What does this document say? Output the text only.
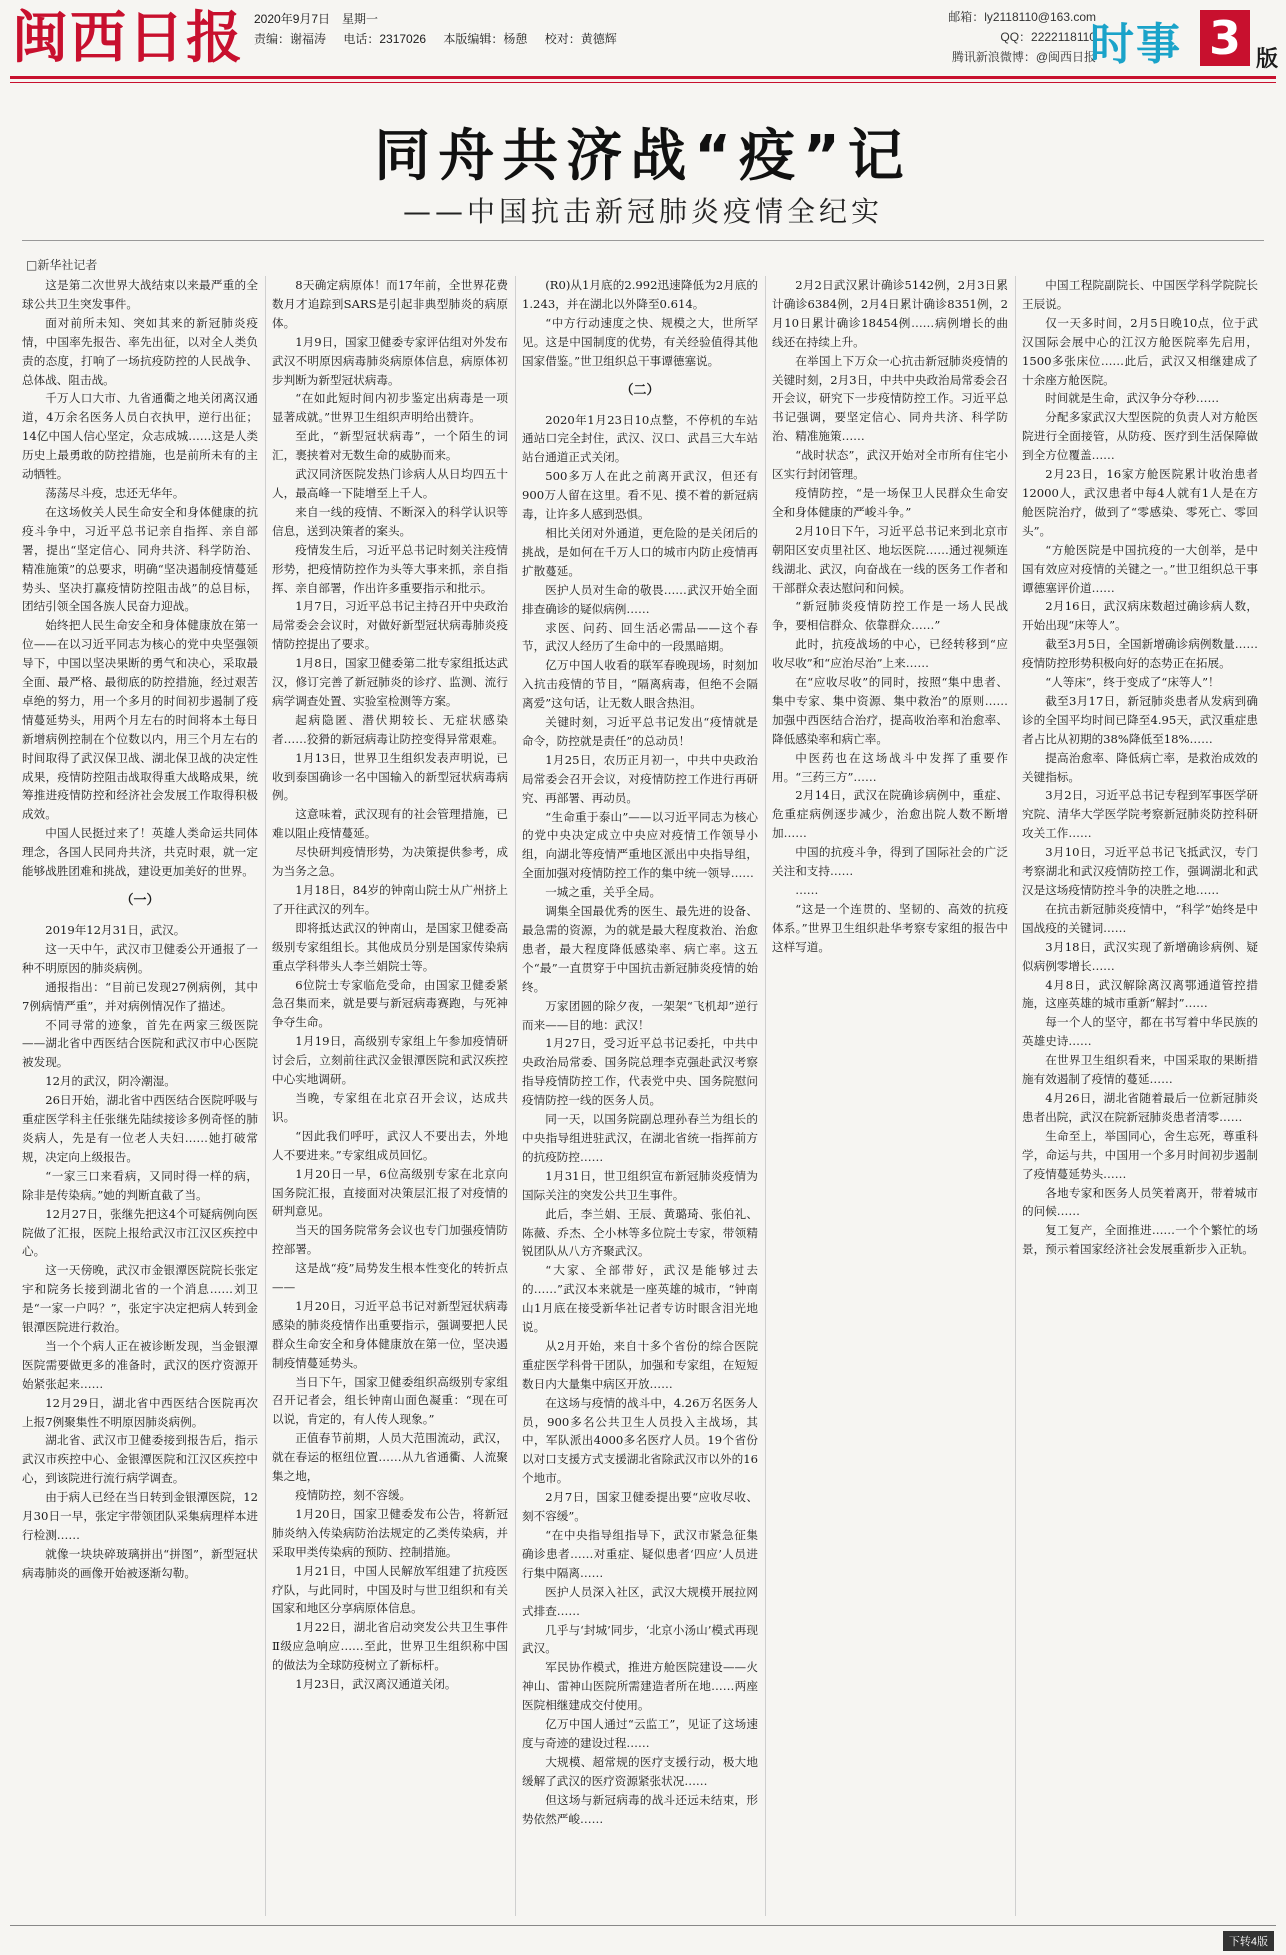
闽西日报 2020年9月7日　星期一
责编：谢福涛 电话：2317026 本版编辑：杨憩 校对：黄德辉
邮箱：ly2118110@163.com
QQ：2222118110
腾讯新浪微博：@闽西日报
时事 3 版
同舟共济战“疫”记
——中国抗击新冠肺炎疫情全纪实
□新华社记者

这是第二次世界大战结束以来最严重的全球公共卫生突发事件。

面对前所未知、突如其来的新冠肺炎疫情，中国率先报告、率先出征，以对全人类负责的态度，打响了一场抗疫防控的人民战争、总体战、阻击战。

千万人口大市、九省通衢之地关闭离汉通道，4万余名医务人员白衣执甲，逆行出征；14亿中国人信心坚定，众志成城……这是人类历史上最勇敢的防控措施，也是前所未有的主动牺牲。

荡荡尽斗疫，忠还无华年。

在这场攸关人民生命安全和身体健康的抗疫斗争中，习近平总书记亲自指挥、亲自部署，提出“坚定信心、同舟共济、科学防治、精准施策”的总要求，明确“坚决遏制疫情蔓延势头、坚决打赢疫情防控阻击战”的总目标，团结引领全国各族人民奋力迎战。

始终把人民生命安全和身体健康放在第一位——在以习近平同志为核心的党中央坚强领导下，中国以坚决果断的勇气和决心，采取最全面、最严格、最彻底的防控措施，经过艰苦卓绝的努力，用一个多月的时间初步遏制了疫情蔓延势头，用两个月左右的时间将本土每日新增病例控制在个位数以内，用三个月左右的时间取得了武汉保卫战、湖北保卫战的决定性成果，疫情防控阻击战取得重大战略成果，统筹推进疫情防控和经济社会发展工作取得积极成效。

中国人民挺过来了！英雄人类命运共同体理念，各国人民同舟共济，共克时艰，就一定能够战胜团难和挑战，建设更加美好的世界。

（一）

2019年12月31日，武汉。

这一天中午，武汉市卫健委公开通报了一种不明原因的肺炎病例。

通报指出：“目前已发现27例病例，其中7例病情严重”，并对病例情况作了描述。

不同寻常的迹象，首先在两家三级医院——湖北省中西医结合医院和武汉市中心医院被发现。

12月的武汉，阴冷潮湿。

26日开始，湖北省中西医结合医院呼吸与重症医学科主任张继先陆续接诊多例奇怪的肺炎病人，先是有一位老人夫妇……她打破常规，决定向上级报告。

“一家三口来看病，又同时得一样的病，除非是传染病。”她的判断直截了当。

12月27日，张继先把这4个可疑病例向医院做了汇报，医院上报给武汉市江汉区疾控中心。

这一天傍晚，武汉市金银潭医院院长张定宇和院务长接到湖北省的一个消息……刘卫是“一家一户吗？”，张定宇决定把病人转到金银潭医院进行救治。

当一个个病人正在被诊断发现，当金银潭医院需要做更多的准备时，武汉的医疗资源开始紧张起来……

12月29日，湖北省中西医结合医院再次上报7例聚集性不明原因肺炎病例。

湖北省、武汉市卫健委接到报告后，指示武汉市疾控中心、金银潭医院和江汉区疾控中心，到该院进行流行病学调查。

由于病人已经在当日转到金银潭医院，12月30日一早，张定宇带领团队采集病理样本进行检测……

就像一块块碎玻璃拼出“拼图”，新型冠状病毒肺炎的画像开始被逐渐勾勒。

8天确定病原体！而17年前，全世界花费数月才追踪到SARS是引起非典型肺炎的病原体。

1月9日，国家卫健委专家评估组对外发布武汉不明原因病毒肺炎病原体信息，病原体初步判断为新型冠状病毒。

“在如此短时间内初步鉴定出病毒是一项显著成就。”世界卫生组织声明给出赞许。

至此，“新型冠状病毒”，一个陌生的词汇，裹挟着对无数生命的威胁而来。

武汉同济医院发热门诊病人从日均四五十人，最高峰一下陡增至上千人。

来自一线的疫情、不断深入的科学认识等信息，送到决策者的案头。

疫情发生后，习近平总书记时刻关注疫情形势，把疫情防控作为头等大事来抓，亲自指挥、亲自部署，作出许多重要指示和批示。

1月7日，习近平总书记主持召开中央政治局常委会会议时，对做好新型冠状病毒肺炎疫情防控提出了要求。

1月8日，国家卫健委第二批专家组抵达武汉，修订完善了新冠肺炎的诊疗、监测、流行病学调查处置、实验室检测等方案。

起病隐匿、潜伏期较长、无症状感染者……狡猾的新冠病毒让防控变得异常艰难。

1月13日，世界卫生组织发表声明说，已收到泰国确诊一名中国输入的新型冠状病毒病例。

这意味着，武汉现有的社会管理措施，已难以阻止疫情蔓延。

尽快研判疫情形势，为决策提供参考，成为当务之急。

1月18日，84岁的钟南山院士从广州挤上了开往武汉的列车。

即将抵达武汉的钟南山，是国家卫健委高级别专家组组长。其他成员分别是国家传染病重点学科带头人李兰娟院士等。

6位院士专家临危受命，由国家卫健委紧急召集而来，就是要与新冠病毒赛跑，与死神争夺生命。

1月19日，高级别专家组上午参加疫情研讨会后，立刻前往武汉金银潭医院和武汉疾控中心实地调研。

当晚，专家组在北京召开会议，达成共识。

“因此我们呼吁，武汉人不要出去，外地人不要进来。”专家组成员回忆。

1月20日一早，6位高级别专家在北京向国务院汇报，直接面对决策层汇报了对疫情的研判意见。

当天的国务院常务会议也专门加强疫情防控部署。

这是战“疫”局势发生根本性变化的转折点——

1月20日，习近平总书记对新型冠状病毒感染的肺炎疫情作出重要指示，强调要把人民群众生命安全和身体健康放在第一位，坚决遏制疫情蔓延势头。

当日下午，国家卫健委组织高级别专家组召开记者会，组长钟南山面色凝重：“现在可以说，肯定的，有人传人现象。”

正值春节前期，人员大范围流动，武汉，就在春运的枢纽位置……从九省通衢、人流聚集之地，

疫情防控，刻不容缓。

1月20日，国家卫健委发布公告，将新冠肺炎纳入传染病防治法规定的乙类传染病，并采取甲类传染病的预防、控制措施。

1月21日，中国人民解放军组建了抗疫医疗队，与此同时，中国及时与世卫组织和有关国家和地区分享病原体信息。

1月22日，湖北省启动突发公共卫生事件Ⅱ级应急响应……至此，世界卫生组织称中国的做法为全球防疫树立了新标杆。

1月23日，武汉离汉通道关闭。

(R0)从1月底的2.992迅速降低为2月底的1.243，并在湖北以外降至0.614。

“中方行动速度之快、规模之大，世所罕见。这是中国制度的优势，有关经验值得其他国家借鉴。”世卫组织总干事谭德塞说。

（二）

2020年1月23日10点整，不停机的车站通站口完全封住，武汉、汉口、武昌三大车站站台通道正式关闭。

500多万人在此之前离开武汉，但还有900万人留在这里。看不见、摸不着的新冠病毒，让许多人感到恐惧。

相比关闭对外通道，更危险的是关闭后的挑战，是如何在千万人口的城市内防止疫情再扩散蔓延。

医护人员对生命的敬畏……武汉开始全面排查确诊的疑似病例……

求医、问药、回生活必需品——这个春节，武汉人经历了生命中的一段黑暗期。

亿万中国人收看的联军春晚现场，时刻加入抗击疫情的节目，“隔离病毒，但绝不会隔离爱”这句话，让无数人眼含热泪。

关键时刻，习近平总书记发出“疫情就是命令，防控就是责任”的总动员！

1月25日，农历正月初一，中共中央政治局常委会召开会议，对疫情防控工作进行再研究、再部署、再动员。

“生命重于泰山”——以习近平同志为核心的党中央决定成立中央应对疫情工作领导小组，向湖北等疫情严重地区派出中央指导组，全面加强对疫情防控工作的集中统一领导……

一城之重，关乎全局。

调集全国最优秀的医生、最先进的设备、最急需的资源，为的就是最大程度救治、治愈患者，最大程度降低感染率、病亡率。这五个“最”一直贯穿于中国抗击新冠肺炎疫情的始终。

万家团圆的除夕夜，一架架“飞机却”逆行而来——目的地：武汉！

1月27日，受习近平总书记委托，中共中央政治局常委、国务院总理李克强赴武汉考察指导疫情防控工作，代表党中央、国务院慰问疫情防控一线的医务人员。

同一天，以国务院副总理孙春兰为组长的中央指导组进驻武汉，在湖北省统一指挥前方的抗疫防控……

1月31日，世卫组织宣布新冠肺炎疫情为国际关注的突发公共卫生事件。

此后，李兰娟、王辰、黄璐琦、张伯礼、陈薇、乔杰、仝小林等多位院士专家，带领精锐团队从八方齐聚武汉。

“大家、全部带好，武汉是能够过去的……”武汉本来就是一座英雄的城市，“钟南山1月底在接受新华社记者专访时眼含泪光地说。

从2月开始，来自十多个省份的综合医院重症医学科骨干团队，加强和专家组，在短短数日内大量集中病区开放……

在这场与疫情的战斗中，4.26万名医务人员，900多名公共卫生人员投入主战场，其中，军队派出4000多名医疗人员。19个省份以对口支援方式支援湖北省除武汉市以外的16个地市。

2月7日，国家卫健委提出要“应收尽收、刻不容缓”。

“在中央指导组指导下，武汉市紧急征集确诊患者……对重症、疑似患者‘四应’人员进行集中隔离……

医护人员深入社区，武汉大规模开展拉网式排查……

几乎与‘封城’同步，‘北京小汤山’模式再现武汉。

军民协作模式，推进方舱医院建设——火神山、雷神山医院所需建造者所在地……两座医院相继建成交付使用。

亿万中国人通过“云监工”，见证了这场速度与奇迹的建设过程……

大规模、超常规的医疗支援行动，极大地缓解了武汉的医疗资源紧张状况……

但这场与新冠病毒的战斗还远未结束，形势依然严峻……

2月2日武汉累计确诊5142例，2月3日累计确诊6384例，2月4日累计确诊8351例，2月10日累计确诊18454例……病例增长的曲线还在持续上升。

在举国上下万众一心抗击新冠肺炎疫情的关键时刻，2月3日，中共中央政治局常委会召开会议，研究下一步疫情防控工作。习近平总书记强调，要坚定信心、同舟共济、科学防治、精准施策……

“战时状态”，武汉开始对全市所有住宅小区实行封闭管理。

疫情防控，“是一场保卫人民群众生命安全和身体健康的严峻斗争。”

2月10日下午，习近平总书记来到北京市朝阳区安贞里社区、地坛医院……通过视频连线湖北、武汉，向奋战在一线的医务工作者和干部群众表达慰问和问候。

“新冠肺炎疫情防控工作是一场人民战争，要相信群众、依靠群众……”

此时，抗疫战场的中心，已经转移到“应收尽收”和“应治尽治”上来……

在“应收尽收”的同时，按照“集中患者、集中专家、集中资源、集中救治”的原则……加强中西医结合治疗，提高收治率和治愈率、降低感染率和病亡率。

中医药也在这场战斗中发挥了重要作用。“三药三方”……

2月14日，武汉在院确诊病例中，重症、危重症病例逐步减少，治愈出院人数不断增加……

中国的抗疫斗争，得到了国际社会的广泛关注和支持……

……

“这是一个连贯的、坚韧的、高效的抗疫体系。”世界卫生组织赴华考察专家组的报告中这样写道。

中国工程院副院长、中国医学科学院院长王辰说。

仅一天多时间，2月5日晚10点，位于武汉国际会展中心的江汉方舱医院率先启用，1500多张床位……此后，武汉又相继建成了十余座方舱医院。

时间就是生命，武汉争分夺秒……

分配多家武汉大型医院的负责人对方舱医院进行全面接管，从防疫、医疗到生活保障做到全方位覆盖……

2月23日，16家方舱医院累计收治患者12000人，武汉患者中每4人就有1人是在方舱医院治疗，做到了“零感染、零死亡、零回头”。

“方舱医院是中国抗疫的一大创举，是中国有效应对疫情的关键之一。”世卫组织总干事谭德塞评价道……

2月16日，武汉病床数超过确诊病人数，开始出现“床等人”。

截至3月5日，全国新增确诊病例数量……疫情防控形势积极向好的态势正在拓展。

“人等床”，终于变成了“床等人”！

截至3月17日，新冠肺炎患者从发病到确诊的全国平均时间已降至4.95天，武汉重症患者占比从初期的38%降低至18%……

提高治愈率、降低病亡率，是救治成效的关键指标。

3月2日，习近平总书记专程到军事医学研究院、清华大学医学院考察新冠肺炎防控科研攻关工作……

3月10日，习近平总书记飞抵武汉，专门考察湖北和武汉疫情防控工作，强调湖北和武汉是这场疫情防控斗争的决胜之地……

在抗击新冠肺炎疫情中，“科学”始终是中国战疫的关键词……

3月18日，武汉实现了新增确诊病例、疑似病例零增长……

4月8日，武汉解除离汉离鄂通道管控措施，这座英雄的城市重新“解封”……

每一个人的坚守，都在书写着中华民族的英雄史诗……

在世界卫生组织看来，中国采取的果断措施有效遏制了疫情的蔓延……

4月26日，湖北省随着最后一位新冠肺炎患者出院，武汉在院新冠肺炎患者清零……

生命至上，举国同心，舍生忘死，尊重科学，命运与共，中国用一个多月时间初步遏制了疫情蔓延势头……

各地专家和医务人员笑着离开，带着城市的问候……

复工复产，全面推进……一个个繁忙的场景，预示着国家经济社会发展重新步入正轨。

下转4版
